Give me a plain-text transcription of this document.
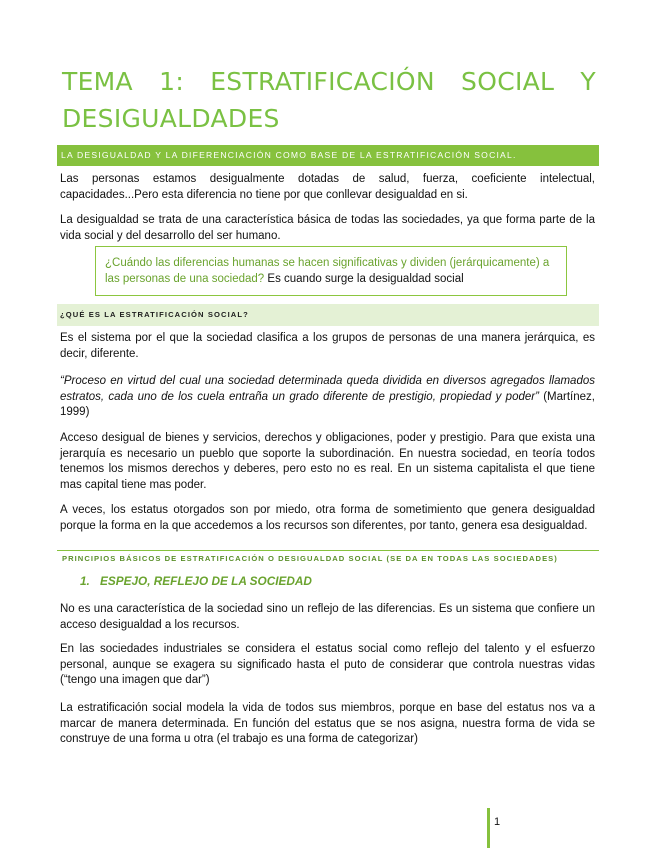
TEMA 1: ESTRATIFICACIÓN SOCIAL Y DESIGUALDADES
LA DESIGUALDAD Y LA DIFERENCIACIÓN COMO BASE DE LA ESTRATIFICACIÓN SOCIAL.

Las personas estamos desigualmente dotadas de salud, fuerza, coeficiente intelectual, capacidades...Pero esta diferencia no tiene por que conllevar desigualdad en si.

La desigualdad se trata de una característica básica de todas las sociedades, ya que forma parte de la vida social y del desarrollo del ser humano.

¿Cuándo las diferencias humanas se hacen significativas y dividen (jerárquicamente) a las personas de una sociedad? Es cuando surge la desigualdad social
¿QUÉ ES LA ESTRATIFICACIÓN SOCIAL?

Es el sistema por el que la sociedad clasifica a los grupos de personas de una manera jerárquica, es decir, diferente.

“Proceso en virtud del cual una sociedad determinada queda dividida en diversos agregados llamados estratos, cada uno de los cuela entraña un grado diferente de prestigio, propiedad y poder” (Martínez, 1999)

Acceso desigual de bienes y servicios, derechos y obligaciones, poder y prestigio. Para que exista una jerarquía es necesario un pueblo que soporte la subordinación. En nuestra sociedad, en teoría todos tenemos los mismos derechos y deberes, pero esto no es real. En un sistema capitalista el que tiene mas capital tiene mas poder.

A veces, los estatus otorgados son por miedo, otra forma de sometimiento que genera desigualdad porque la forma en la que accedemos a los recursos son diferentes, por tanto, genera esa desigualdad.

PRINCIPIOS BÁSICOS DE ESTRATIFICACIÓN O DESIGUALDAD SOCIAL (SE DA EN TODAS LAS SOCIEDADES)
1. ESPEJO, REFLEJO DE LA SOCIEDAD

No es una característica de la sociedad sino un reflejo de las diferencias. Es un sistema que confiere un acceso desigualdad a los recursos.

En las sociedades industriales se considera el estatus social como reflejo del talento y el esfuerzo personal, aunque se exagera su significado hasta el puto de considerar que controla nuestras vidas (“tengo una imagen que dar”)

La estratificación social modela la vida de todos sus miembros, porque en base del estatus nos va a marcar de manera determinada. En función del estatus que se nos asigna, nuestra forma de vida se construye de una forma u otra (el trabajo es una forma de categorizar)

1
